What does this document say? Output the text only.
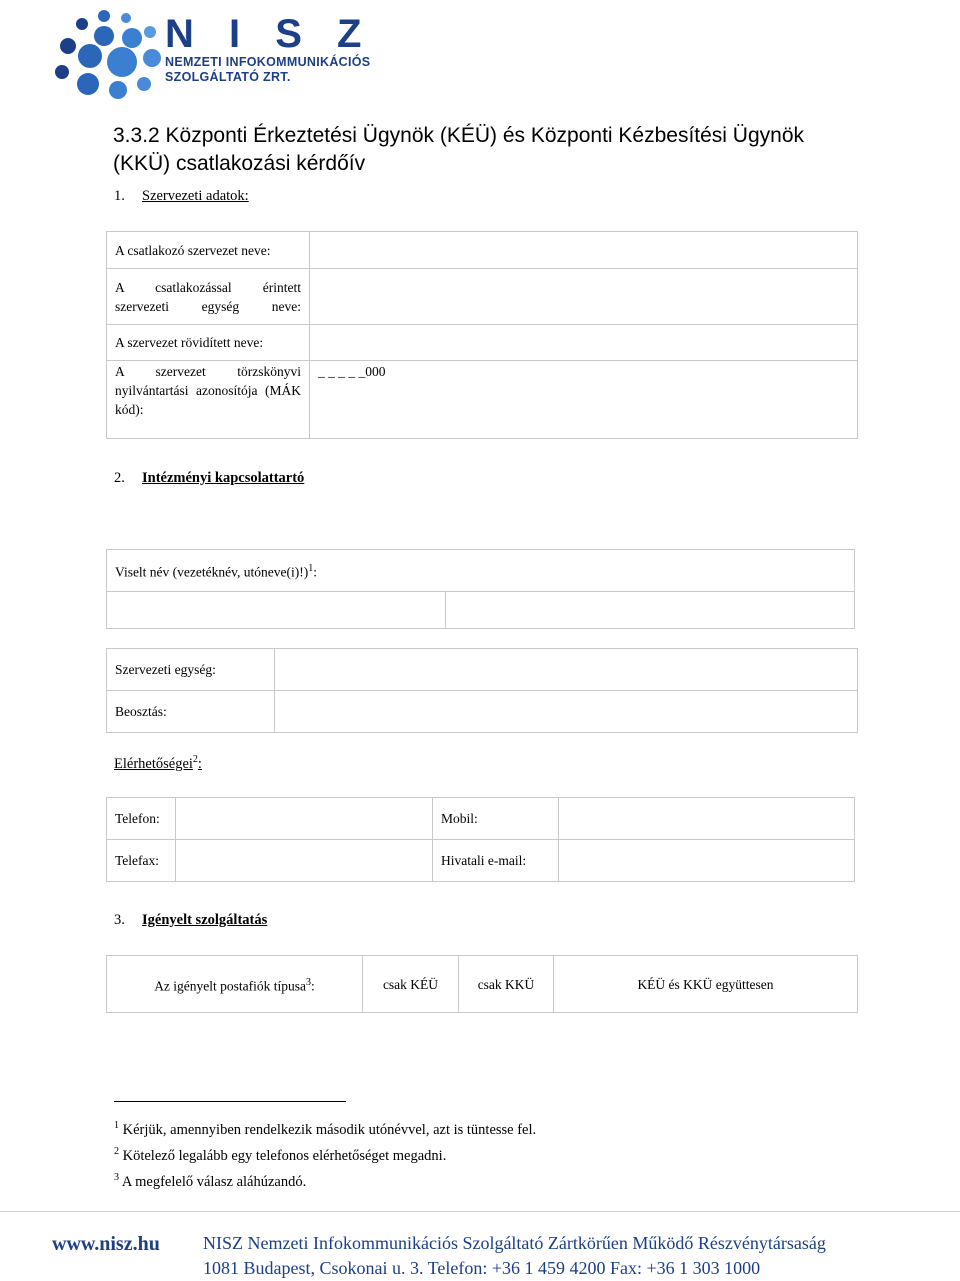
N I S Z
NEMZETI INFOKOMMUNIKÁCIÓS
SZOLGÁLTATÓ ZRT.
3.3.2 Központi Érkeztetési Ügynök (KÉÜ) és Központi Kézbesítési Ügynök
(KKÜ) csatlakozási kérdőív
1. Szervezeti adatok:
A csatlakozó szervezet neve:	
A csatlakozással érintett szervezeti egység neve:	
A szervezet rövidített neve:	
A szervezet törzskönyvi nyilvántartási azonosítója (MÁK kód):	_ _ _ _ _000
2. Intézményi kapcsolattartó
Viselt név (vezetéknév, utóneve(i)!)$^1$:

Szervezeti egység:	
Beosztás:	
Elérhetőségei$^2$:
Telefon:		Mobil:	
Telefax:		Hivatali e-mail:	
3. Igényelt szolgáltatás
Az igényelt postafiók típusa$^3$:	csak KÉÜ	csak KKÜ	KÉÜ és KKÜ együttesen
$^1$ Kérjük, amennyiben rendelkezik második utónévvel, azt is tüntesse fel.
$^2$ Kötelező legalább egy telefonos elérhetőséget megadni.
$^3$ A megfelelő válasz aláhúzandó.
www.nisz.hu NISZ Nemzeti Infokommunikációs Szolgáltató Zártkörűen Működő Részvénytársaság
1081 Budapest, Csokonai u. 3. Telefon: +36 1 459 4200 Fax: +36 1 303 1000
